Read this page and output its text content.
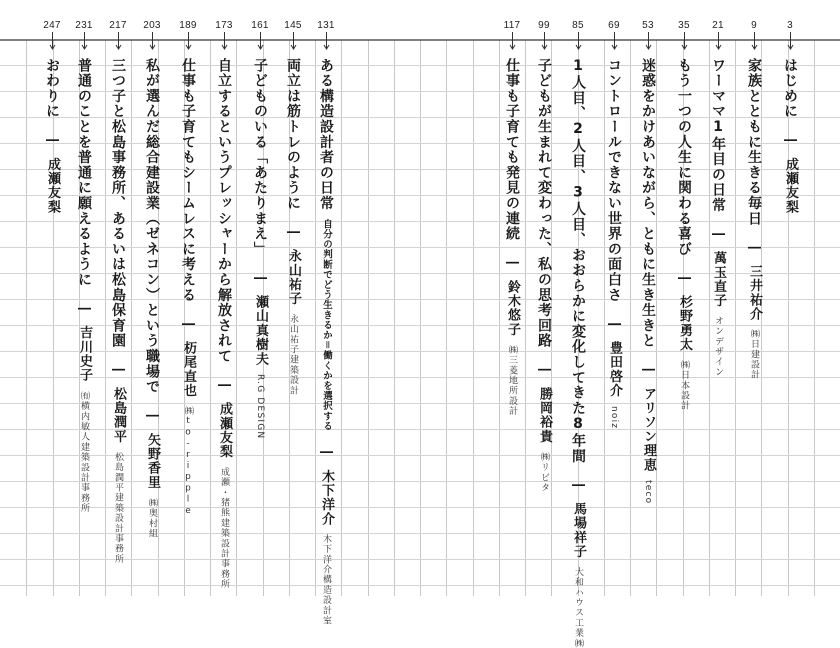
247
おわりに―成瀬友梨
231
普通のことを普通に願えるように―吉川史子㈲横内敏人建築設計事務所
217
三つ子と松島事務所、あるいは松島保育園―松島潤平松島潤平建築設計事務所
203
私が選んだ総合建設業（ゼネコン）という職場で―矢野香里㈱奥村組
189
仕事も子育てもシームレスに考える―杤尾直也㈱to-ripple
173
自立するというプレッシャーから解放されて―成瀬友梨成瀬・猪熊建築設計事務所
161
子どものいる「あたりまえ」―瀬山真樹夫R.G DESIGN
145
両立は筋トレのように―永山祐子永山祐子建築設計
131
ある構造設計者の日常自分の判断でどう生きるか＝働くかを選択する―木下洋介木下洋介構造設計室
117
仕事も子育ても発見の連続―鈴木悠子㈱三菱地所設計
99
子どもが生まれて変わった、私の思考回路―勝岡裕貴㈱リビタ
85
1人目、2人目、3人目、おおらかに変化してきた8年間―馬場祥子大和ハウス工業㈱
69
コントロールできない世界の面白さ―豊田啓介noiz
53
迷惑をかけあいながら、ともに生き生きと―アリソン理恵teco
35
もう一つの人生に関わる喜び―杉野勇太㈱日本設計
21
ワーママ1年目の日常―萬玉直子オンデザイン
9
家族とともに生きる毎日―三井祐介㈱日建設計
3
はじめに―成瀬友梨
